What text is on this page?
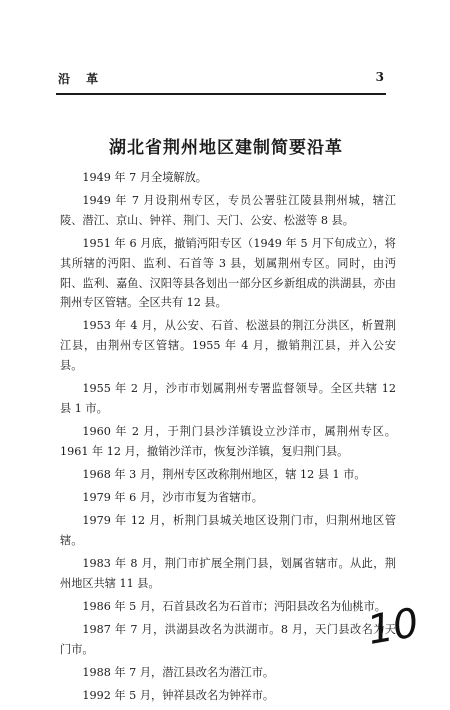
沿 革	3
湖北省荆州地区建制简要沿革

1949 年 7 月全境解放。

1949 年 7 月设荆州专区，专员公署驻江陵县荆州城，辖江陵、潜江、京山、钟祥、荆门、天门、公安、松滋等 8 县。

1951 年 6 月底，撤销沔阳专区（1949 年 5 月下旬成立），将其所辖的沔阳、监利、石首等 3 县，划属荆州专区。同时，由沔阳、监利、嘉鱼、汉阳等县各划出一部分区乡新组成的洪湖县，亦由荆州专区管辖。全区共有 12 县。

1953 年 4 月，从公安、石首、松滋县的荆江分洪区，析置荆江县，由荆州专区管辖。1955 年 4 月，撤销荆江县，并入公安县。

1955 年 2 月，沙市市划属荆州专署监督领导。全区共辖 12 县 1 市。

1960 年 2 月，于荆门县沙洋镇设立沙洋市，属荆州专区。1961 年 12 月，撤销沙洋市，恢复沙洋镇，复归荆门县。

1968 年 3 月，荆州专区改称荆州地区，辖 12 县 1 市。

1979 年 6 月，沙市市复为省辖市。

1979 年 12 月，析荆门县城关地区设荆门市，归荆州地区管辖。

1983 年 8 月，荆门市扩展全荆门县，划属省辖市。从此，荆州地区共辖 11 县。

1986 年 5 月，石首县改名为石首市；沔阳县改名为仙桃市。

1987 年 7 月，洪湖县改名为洪湖市。8 月，天门县改名为天门市。

1988 年 7 月，潜江县改名为潜江市。

1992 年 5 月，钟祥县改名为钟祥市。

10
